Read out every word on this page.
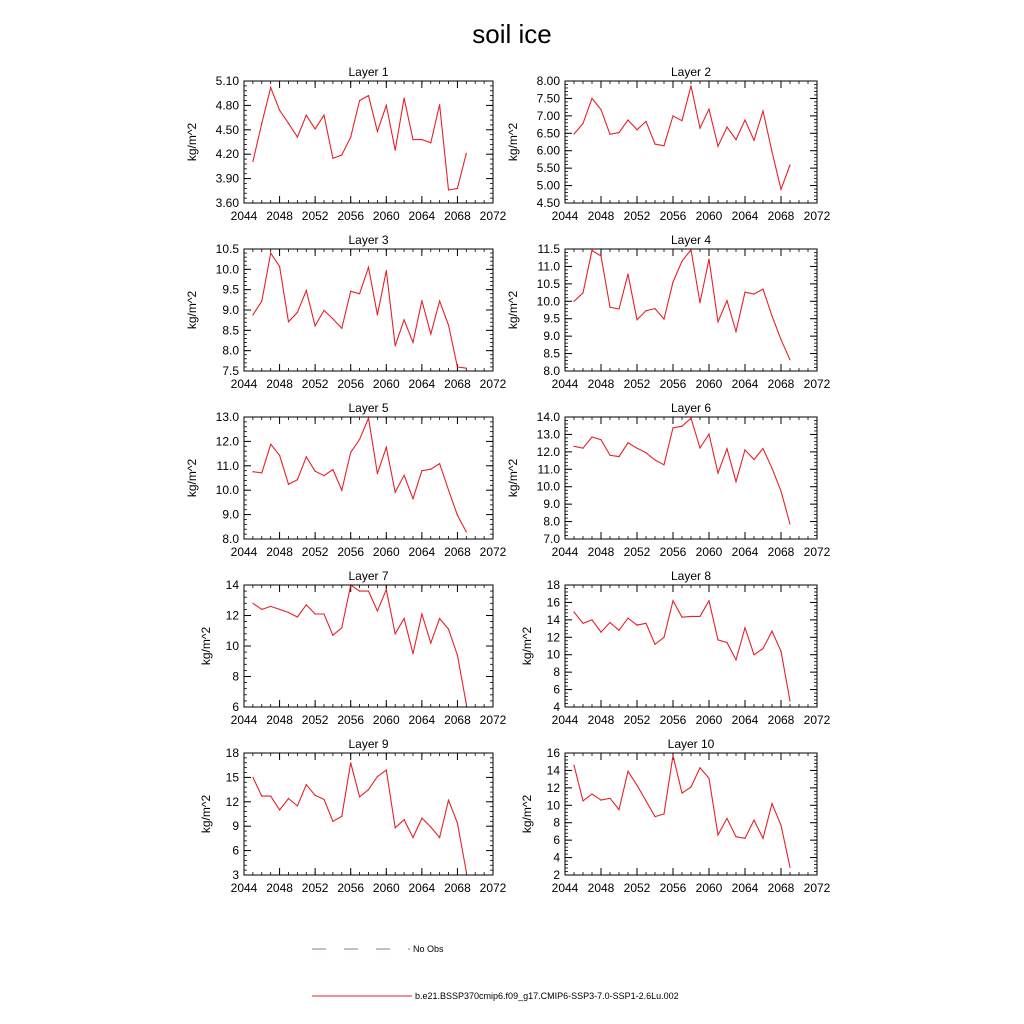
soil ice
Layer 1
2044 2048 2052 2056 2060 2064 2068 2072
3.60
3.90
4.20
4.50
4.80
5.10
kg/m^2
Layer 2
2044 2048 2052 2056 2060 2064 2068 2072
4.50
5.00
5.50
6.00
6.50
7.00
7.50
8.00
kg/m^2
Layer 3
2044 2048 2052 2056 2060 2064 2068 2072
7.5
8.0
8.5
9.0
9.5
10.0
10.5
kg/m^2
Layer 4
2044 2048 2052 2056 2060 2064 2068 2072
8.0
8.5
9.0
9.5
10.0
10.5
11.0
11.5
kg/m^2
Layer 5
2044 2048 2052 2056 2060 2064 2068 2072
8.0
9.0
10.0
11.0
12.0
13.0
kg/m^2
Layer 6
2044 2048 2052 2056 2060 2064 2068 2072
7.0
8.0
9.0
10.0
11.0
12.0
13.0
14.0
kg/m^2
Layer 7
2044 2048 2052 2056 2060 2064 2068 2072
6
8
10
12
14
kg/m^2
Layer 8
2044 2048 2052 2056 2060 2064 2068 2072
4
6
8
10
12
14
16
18
kg/m^2
Layer 9
2044 2048 2052 2056 2060 2064 2068 2072
3
6
9
12
15
18
kg/m^2
Layer 10
2044 2048 2052 2056 2060 2064 2068 2072
2
4
6
8
10
12
14
16
kg/m^2
No Obs
b.e21.BSSP370cmip6.f09_g17.CMIP6-SSP3-7.0-SSP1-2.6Lu.002
